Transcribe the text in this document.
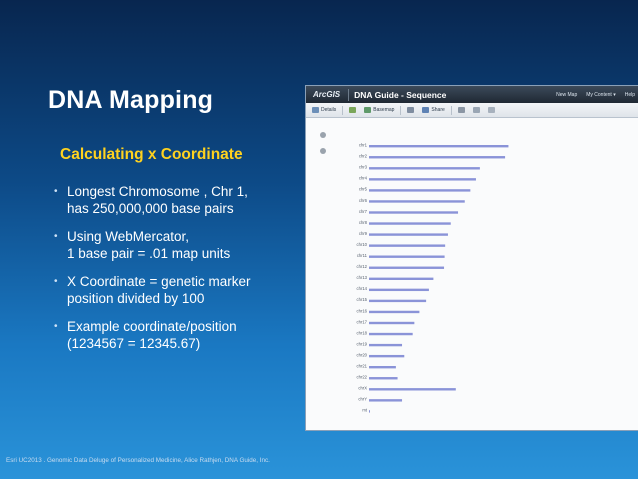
DNA Mapping
Calculating x Coordinate
• Longest Chromosome , Chr 1,
has 250,000,000 base pairs
• Using WebMercator,
1 base pair = .01 map units
• X Coordinate = genetic marker
position divided by 100
• Example coordinate/position
(1234567 = 12345.67)
Esri UC2013 . Genomic Data Deluge of Personalized Medicine, Alice Rathjen, DNA Guide, Inc.
ArcGIS DNA Guide - Sequence	New Map My Content ▾ Help
Details	Basemap	Share
chr1
chr2
chr3
chr4
chr5
chr6
chr7
chr8
chr9
chr10
chr11
chr12
chr13
chr14
chr15
chr16
chr17
chr18
chr19
chr20
chr21
chr22
chrX
chrY
mt
